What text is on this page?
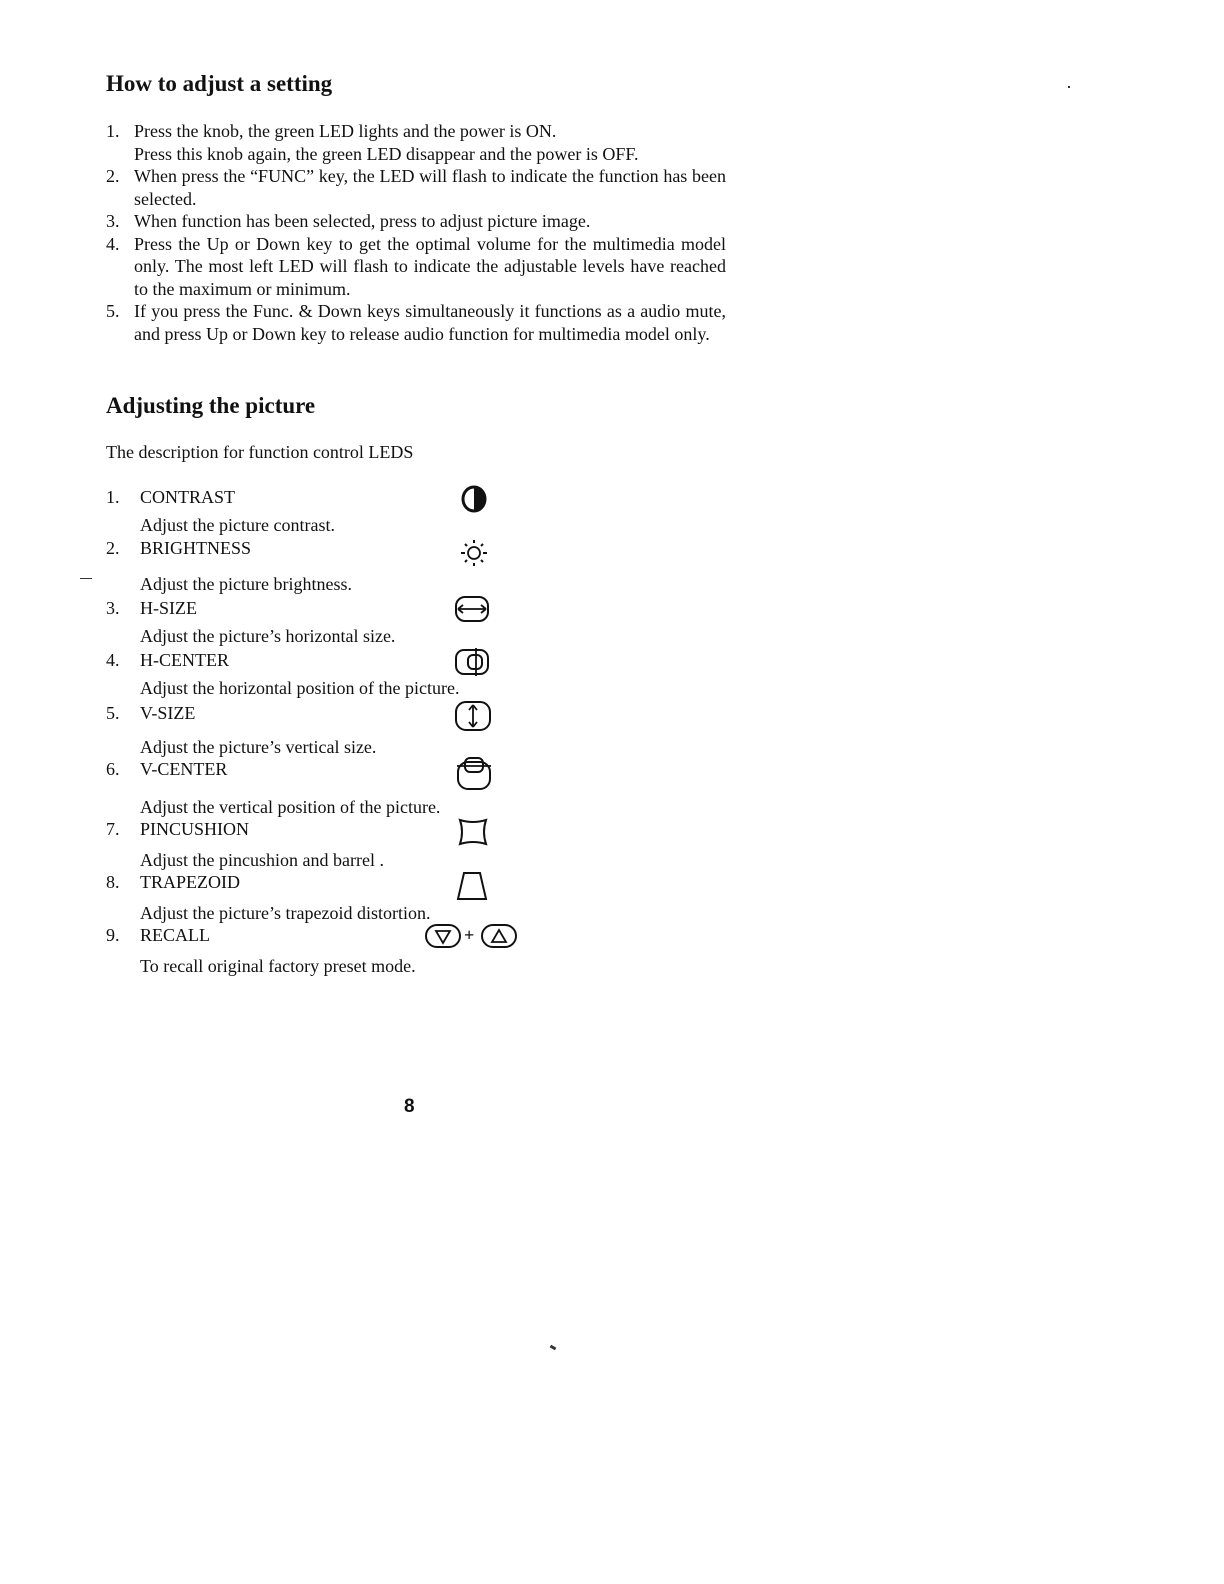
How to adjust a setting
1. Press the knob, the green LED lights and the power is ON.

Press this knob again, the green LED disappear and the power is OFF.

2. When press the “FUNC” key, the LED will flash to indicate the function has been selected.

3. When function has been selected, press to adjust picture image.

4. Press the Up or Down key to get the optimal volume for the multimedia model only. The most left LED will flash to indicate the adjustable levels have reached to the maximum or minimum.

5. If you press the Func. & Down keys simultaneously it functions as a audio mute, and press Up or Down key to release audio function for multimedia model only.

Adjusting the picture

The description for function control LEDS

1. CONTRAST
Adjust the picture contrast.
2. BRIGHTNESS
Adjust the picture brightness.
3. H-SIZE
Adjust the picture’s horizontal size.
4. H-CENTER
Adjust the horizontal position of the picture.
5. V-SIZE
Adjust the picture’s vertical size.
6. V-CENTER
Adjust the vertical position of the picture.
7. PINCUSHION
Adjust the pincushion and barrel .
8. TRAPEZOID
Adjust the picture’s trapezoid distortion.
9. RECALL
To recall original factory preset mode.
+
8
